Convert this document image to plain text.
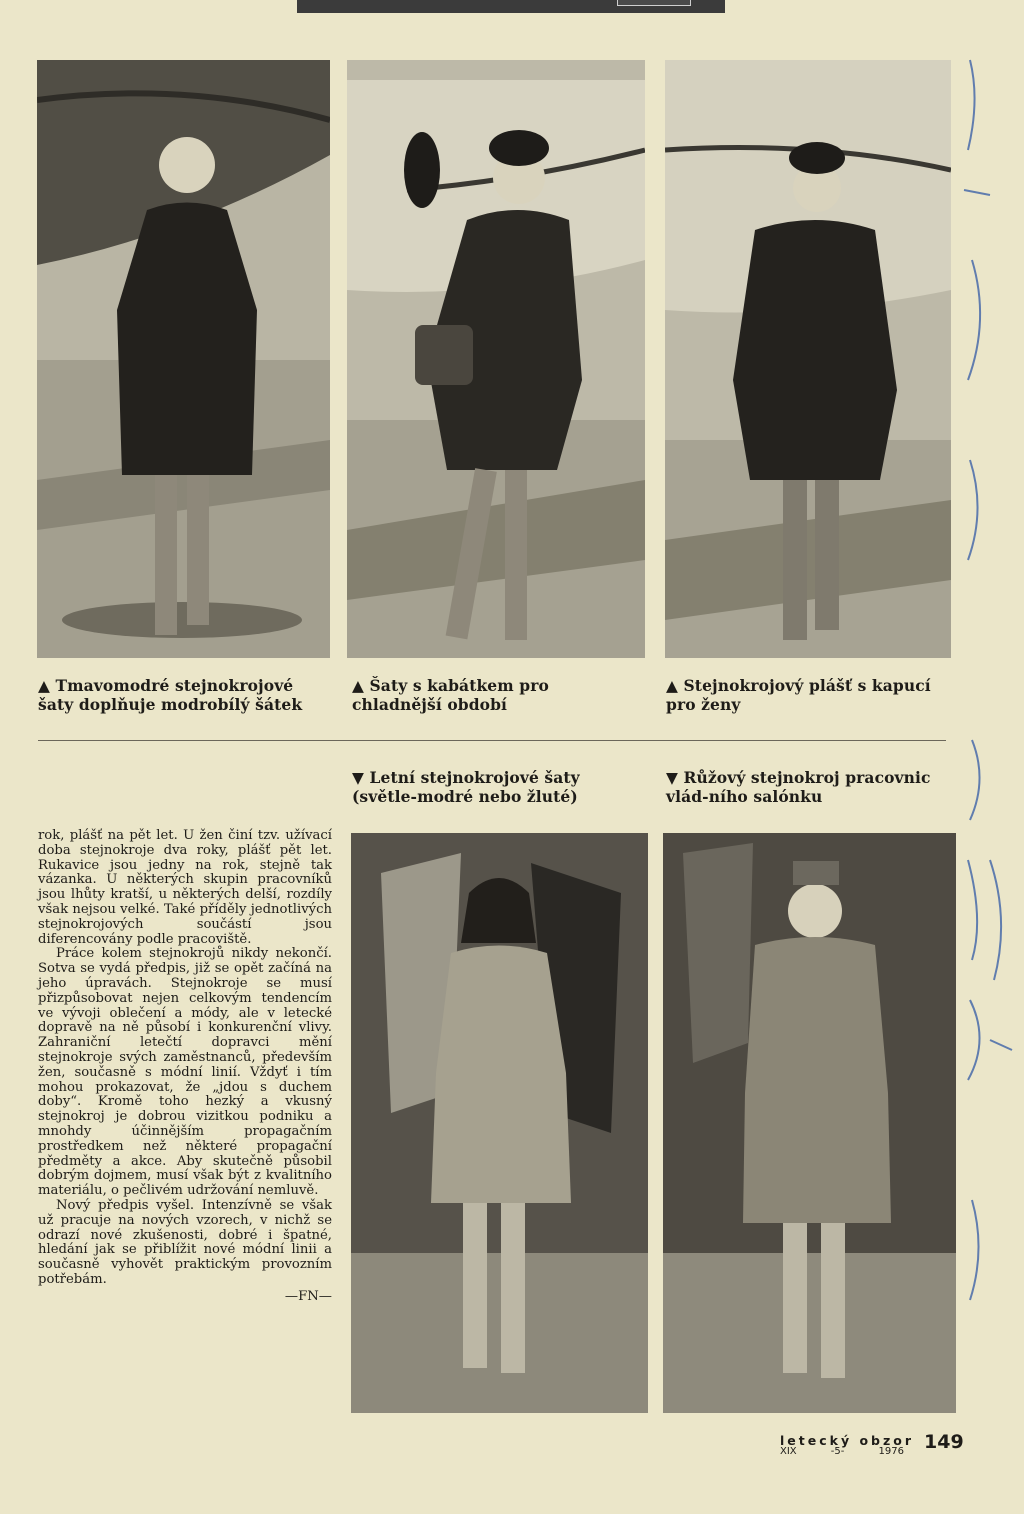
▲ Tmavomodré stejnokrojové šaty doplňuje modrobílý šátek
▲ Šaty s kabátkem pro chladnější období
▲ Stejnokrojový plášť s kapucí pro ženy
▼ Letní stejnokrojové šaty (světle-modré nebo žluté)
▼ Růžový stejnokroj pracovnic vlád-ního salónku

rok, plášť na pět let. U žen činí tzv. užívací doba stejnokroje dva roky, plášť pět let. Rukavice jsou jedny na rok, stejně tak vázanka. U některých skupin pracovníků jsou lhůty kratší, u některých delší, rozdíly však nejsou velké. Také příděly jednotlivých stejnokrojových součástí jsou diferencovány podle pracoviště.

Práce kolem stejnokrojů nikdy nekončí. Sotva se vydá předpis, již se opět začíná na jeho úpravách. Stejnokroje se musí přizpůsobovat nejen celkovým tendencím ve vývoji oblečení a módy, ale v letecké dopravě na ně působí i konkurenční vlivy. Zahraniční letečtí dopravci mění stejnokroje svých zaměstnanců, především žen, současně s módní linií. Vždyť i tím mohou prokazovat, že „jdou s duchem doby“. Kromě toho hezký a vkusný stejnokroj je dobrou vizitkou podniku a mnohdy účinnějším propagačním prostředkem než některé propagační předměty a akce. Aby skutečně působil dobrým dojmem, musí však být z kvalitního materiálu, o pečlivém udržování nemluvě.

Nový předpis vyšel. Intenzívně se však už pracuje na nových vzorech, v nichž se odrazí nové zkušenosti, dobré i špatné, hledání jak se přiblížit nové módní linii a současně vyhovět praktickým provozním potřebám.

—FN—
letecký obzor
XIX	-5-	1976 149
